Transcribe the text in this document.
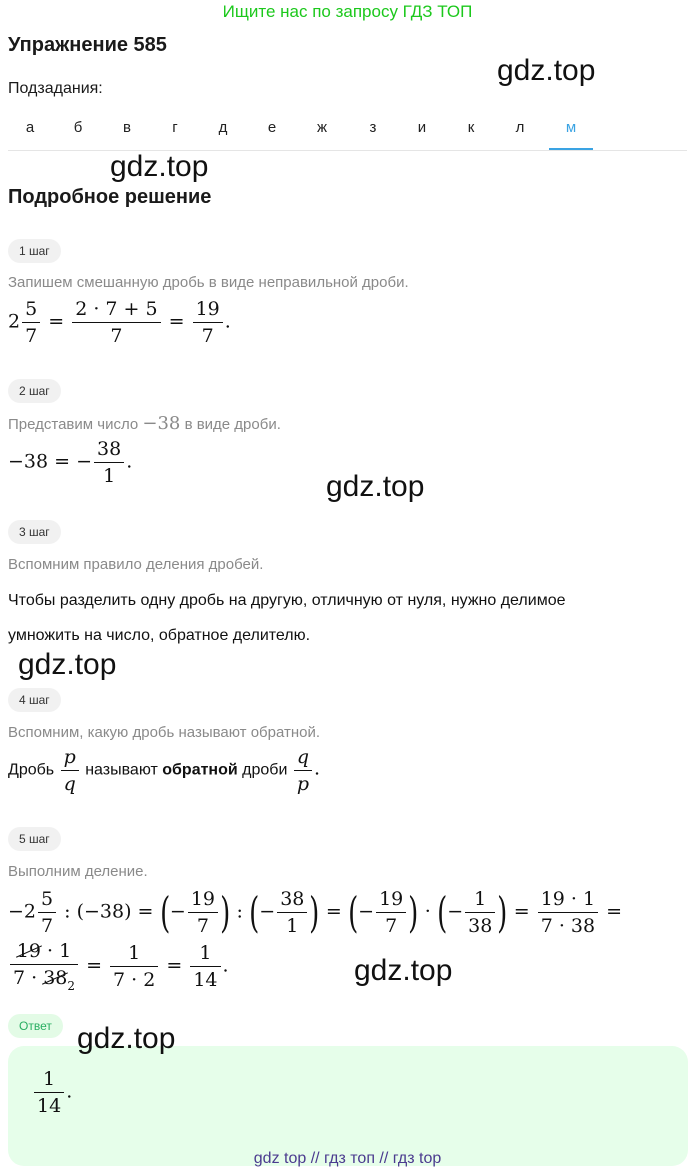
Ищите нас по запросу ГДЗ ТОП
Упражнение 585
gdz.top
Подзадания:
а	б	в	г	д	е	ж	з	и	к	л	м
gdz.top
Подробное решение
1 шаг
Запишем смешанную дробь в виде неправильной дроби.
$2 \frac{5}{7} = \frac{2 \cdot 7 + 5}{7} = \frac{19}{7}$ .
2 шаг
Представим число −38 в виде дроби.
−38 = − $\frac{38}{1}$ .
gdz.top
3 шаг
Вспомним правило деления дробей.
Чтобы разделить одну дробь на другую, отличную от нуля, нужно делимое
умножить на число, обратное делителю.
gdz.top
4 шаг
Вспомним, какую дробь называют обратной.
Дробь $\frac{p}{q}$ называют обратной дроби $\frac{q}{p}$ .
5 шаг
Выполним деление.
$-2 \frac{5}{7}$ : (−38) = (− $\frac{19}{7}$ ) : (− $\frac{38}{1}$ ) = (− $\frac{19}{7}$ ) · (− $\frac{1}{38}$ ) = $\frac{19 \cdot 1}{7 \cdot 38}$ =
$\frac{19 \cdot 1}{7 \cdot 38_2} = \frac{1}{7 \cdot 2} = \frac{1}{14}$ .	gdz.top
Ответ
$\frac{1}{14}$ .
gdz.top
gdz top // гдз топ // гдз top
